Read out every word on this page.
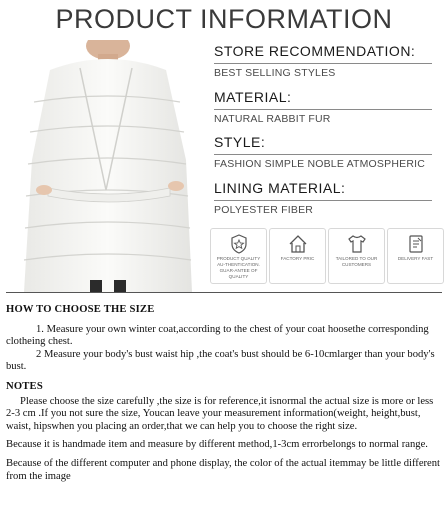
PRODUCT INFORMATION
STORE RECOMMENDATION:
BEST SELLING STYLES
MATERIAL:
NATURAL RABBIT FUR
STYLE:
FASHION SIMPLE NOBLE ATMOSPHERIC
LINING MATERIAL:
POLYESTER FIBER
PRODUCT QUALITY AU-THENTICATION. GUAR-ANTEE OF QUALITY
FACTORY PRIC	TAILORED TO OUR CUSTOMERS
DELIVERY FAST

HOW TO CHOOSE THE SIZE

1. Measure your own winter coat,according to the chest of your coat hoosethe corresponding clotheing chest.

2 Measure your body's bust waist hip ,the coat's bust should be 6-10cmlarger than your body's bust.

NOTES

Please choose the size carefully ,the size is for reference,it isnormal the actual size is more or less 2-3 cm .If you not sure the size, Youcan leave your measurement information(weight, height,bust, waist, hipswhen you placing an order,that we can help you to choose the right size.

Because it is handmade item and measure by different method,1-3cm errorbelongs to normal range.

Because of the different computer and phone display, the color of the actual itemmay be little different from the image
